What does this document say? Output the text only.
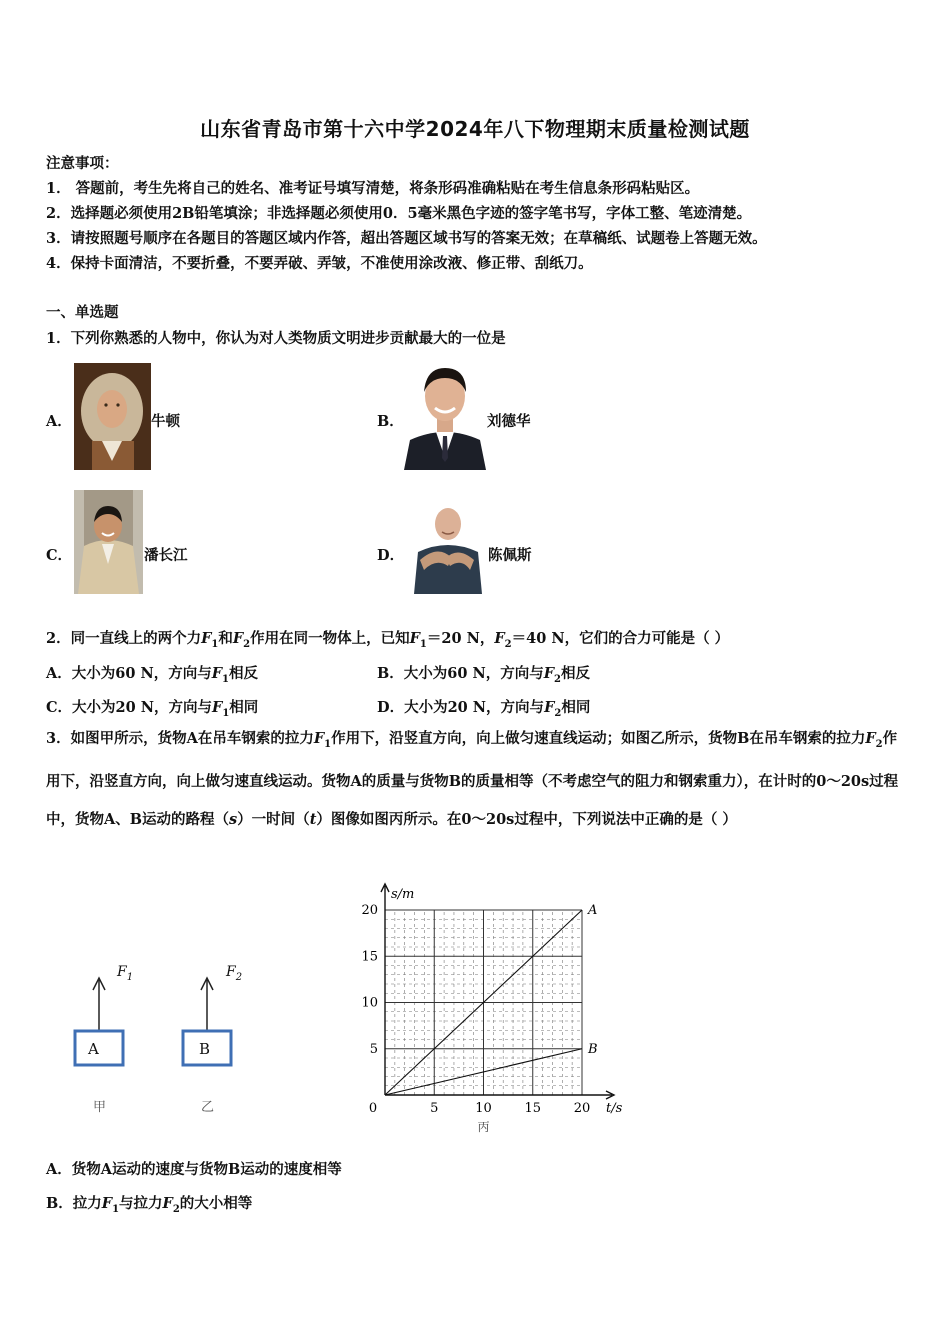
山东省青岛市第十六中学2024年八下物理期末质量检测试题
注意事项：
1． 答题前，考生先将自己的姓名、准考证号填写清楚，将条形码准确粘贴在考生信息条形码粘贴区。
2．选择题必须使用2B铅笔填涂；非选择题必须使用0．5毫米黑色字迹的签字笔书写，字体工整、笔迹清楚。
3．请按照题号顺序在各题目的答题区域内作答，超出答题区域书写的答案无效；在草稿纸、试题卷上答题无效。
4．保持卡面清洁，不要折叠，不要弄破、弄皱，不准使用涂改液、修正带、刮纸刀。
一、单选题
1．下列你熟悉的人物中，你认为对人类物质文明进步贡献最大的一位是
A．	牛顿	B．	刘德华
C．	潘长江	D．	陈佩斯
2．同一直线上的两个力$F_1$和$F_2$作用在同一物体上，已知$F_1=20$ N，$F_2=40$ N，它们的合力可能是（ ）
A．大小为60 N，方向与$F_1$相反	B．大小为60 N，方向与$F_2$相反
C．大小为20 N，方向与$F_1$相同	D．大小为20 N，方向与$F_2$相同
3．如图甲所示，货物A在吊车钢索的拉力$F_1$作用下，沿竖直方向，向上做匀速直线运动；如图乙所示，货物B在吊车钢索的拉力$F_2$作用下，沿竖直方向，向上做匀速直线运动。货物A的质量与货物B的质量相等（不考虑空气的阻力和钢索重力），在计时的0～20s过程中，货物A、B运动的路程（s）一时间（t）图像如图丙所示。在0～20s过程中，下列说法中正确的是（ ）
A
$F_1$
甲
B
$F_2$
乙	0	5	10	15	20
5
10
15
20
s/m
t/s
A
B
丙
A．货物A运动的速度与货物B运动的速度相等
B．拉力$F_1$与拉力$F_2$的大小相等
